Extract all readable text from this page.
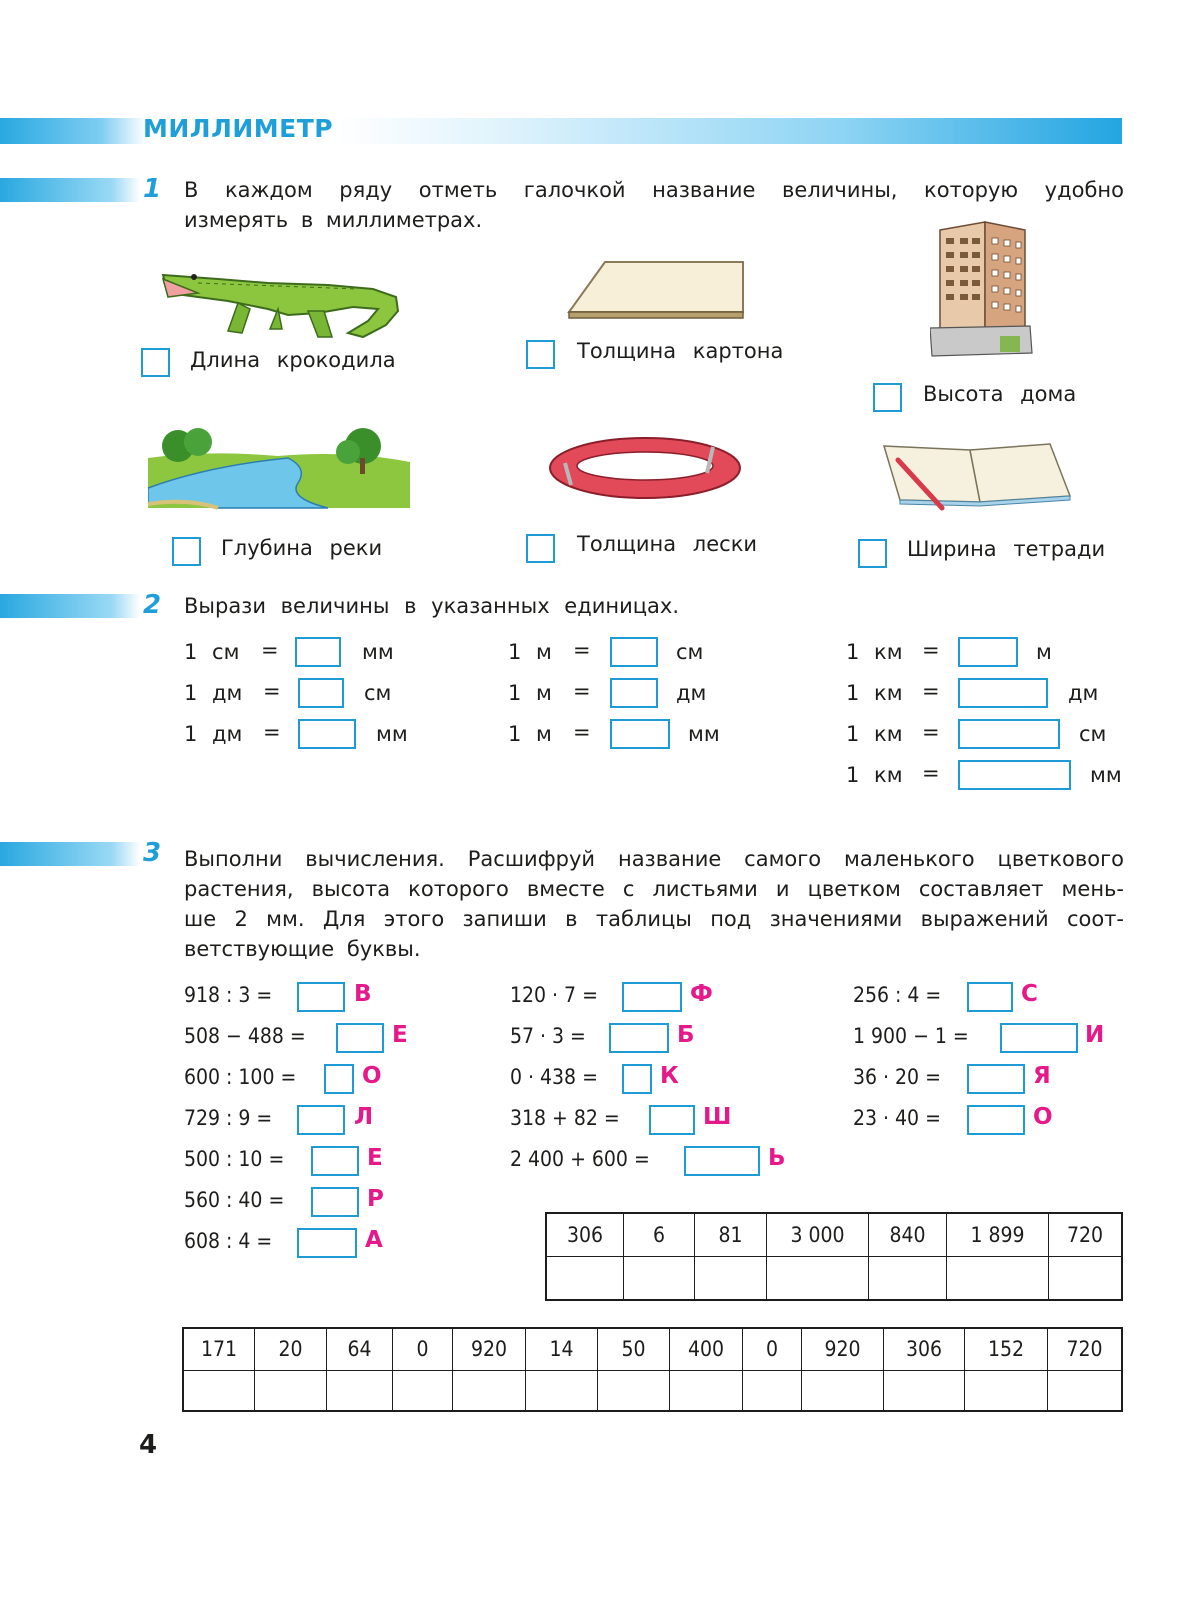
МИЛЛИМЕТР
1 В каждом ряду отметь галочкой название величины, которую удобно
измерять в миллиметрах.
Длина крокодила	Толщина картона
Высота дома
Глубина реки	Толщина лески	Ширина тетради
2 Вырази величины в указанных единицах.
1 см =	мм
1 дм =	см
1 дм =	мм
1 м =	см
1 м =	дм
1 м =	мм
1 км =	м
1 км =	дм
1 км =	см
1 км =	мм
3 Выполни вычисления. Расшифруй название самого маленького цветкового
растения, высота которого вместе с листьями и цветком составляет мень-
ше 2 мм. Для этого запиши в таблицы под значениями выражений соот-
ветствующие буквы.
918 : 3 =	В
508 − 488 =	Е
600 : 100 =	О
729 : 9 =	Л
500 : 10 =	Е
560 : 40 =	Р
608 : 4 =	А
120 · 7 =	Ф
57 · 3 =	Б
0 · 438 =	К
318 + 82 =	Ш
2 400 + 600 =	Ь
256 : 4 =	С
1 900 − 1 =	И
36 · 20 =	Я
23 · 40 =	О
306	6	81	3 000	840	1 899	720

171	20	64	0	920	14	50	400	0	920	306	152	720

4
